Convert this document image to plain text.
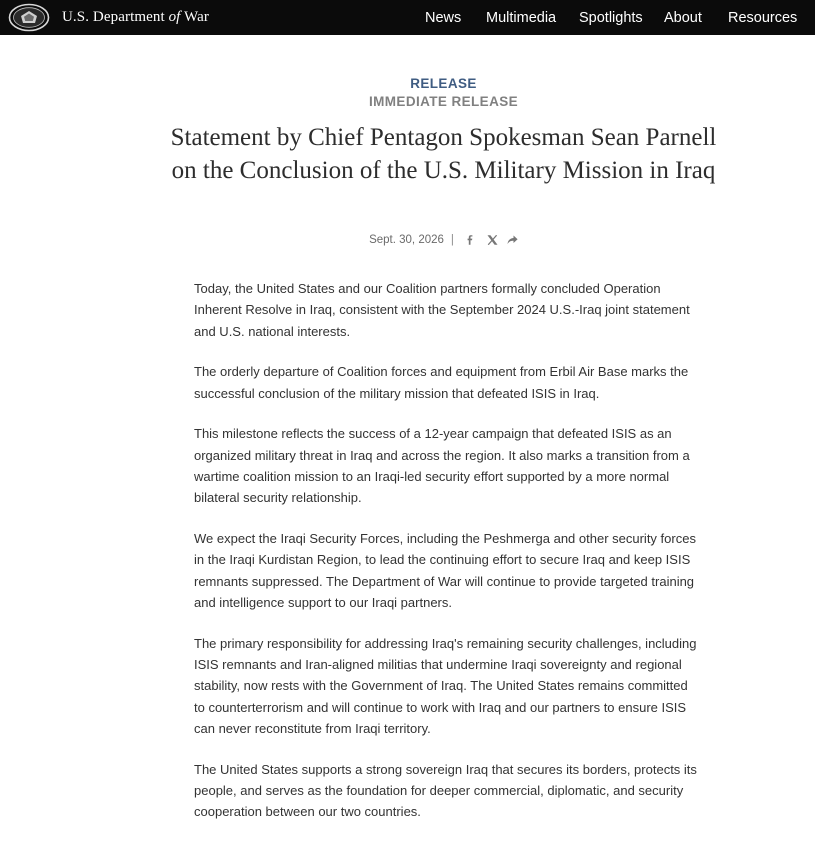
U.S. Department of War	News Multimedia Spotlights About Resources
RELEASE
IMMEDIATE RELEASE
Statement by Chief Pentagon Spokesman Sean Parnell on the Conclusion of the U.S. Military Mission in Iraq
Sept. 30, 2026 |

Today, the United States and our Coalition partners formally concluded Operation Inherent Resolve in Iraq, consistent with the September 2024 U.S.-Iraq joint statement and U.S. national interests.

The orderly departure of Coalition forces and equipment from Erbil Air Base marks the successful conclusion of the military mission that defeated ISIS in Iraq.

This milestone reflects the success of a 12-year campaign that defeated ISIS as an organized military threat in Iraq and across the region. It also marks a transition from a wartime coalition mission to an Iraqi-led security effort supported by a more normal bilateral security relationship.

We expect the Iraqi Security Forces, including the Peshmerga and other security forces in the Iraqi Kurdistan Region, to lead the continuing effort to secure Iraq and keep ISIS remnants suppressed. The Department of War will continue to provide targeted training and intelligence support to our Iraqi partners.

The primary responsibility for addressing Iraq's remaining security challenges, including ISIS remnants and Iran-aligned militias that undermine Iraqi sovereignty and regional stability, now rests with the Government of Iraq. The United States remains committed to counterterrorism and will continue to work with Iraq and our partners to ensure ISIS can never reconstitute from Iraqi territory.

The United States supports a strong sovereign Iraq that secures its borders, protects its people, and serves as the foundation for deeper commercial, diplomatic, and security cooperation between our two countries.
